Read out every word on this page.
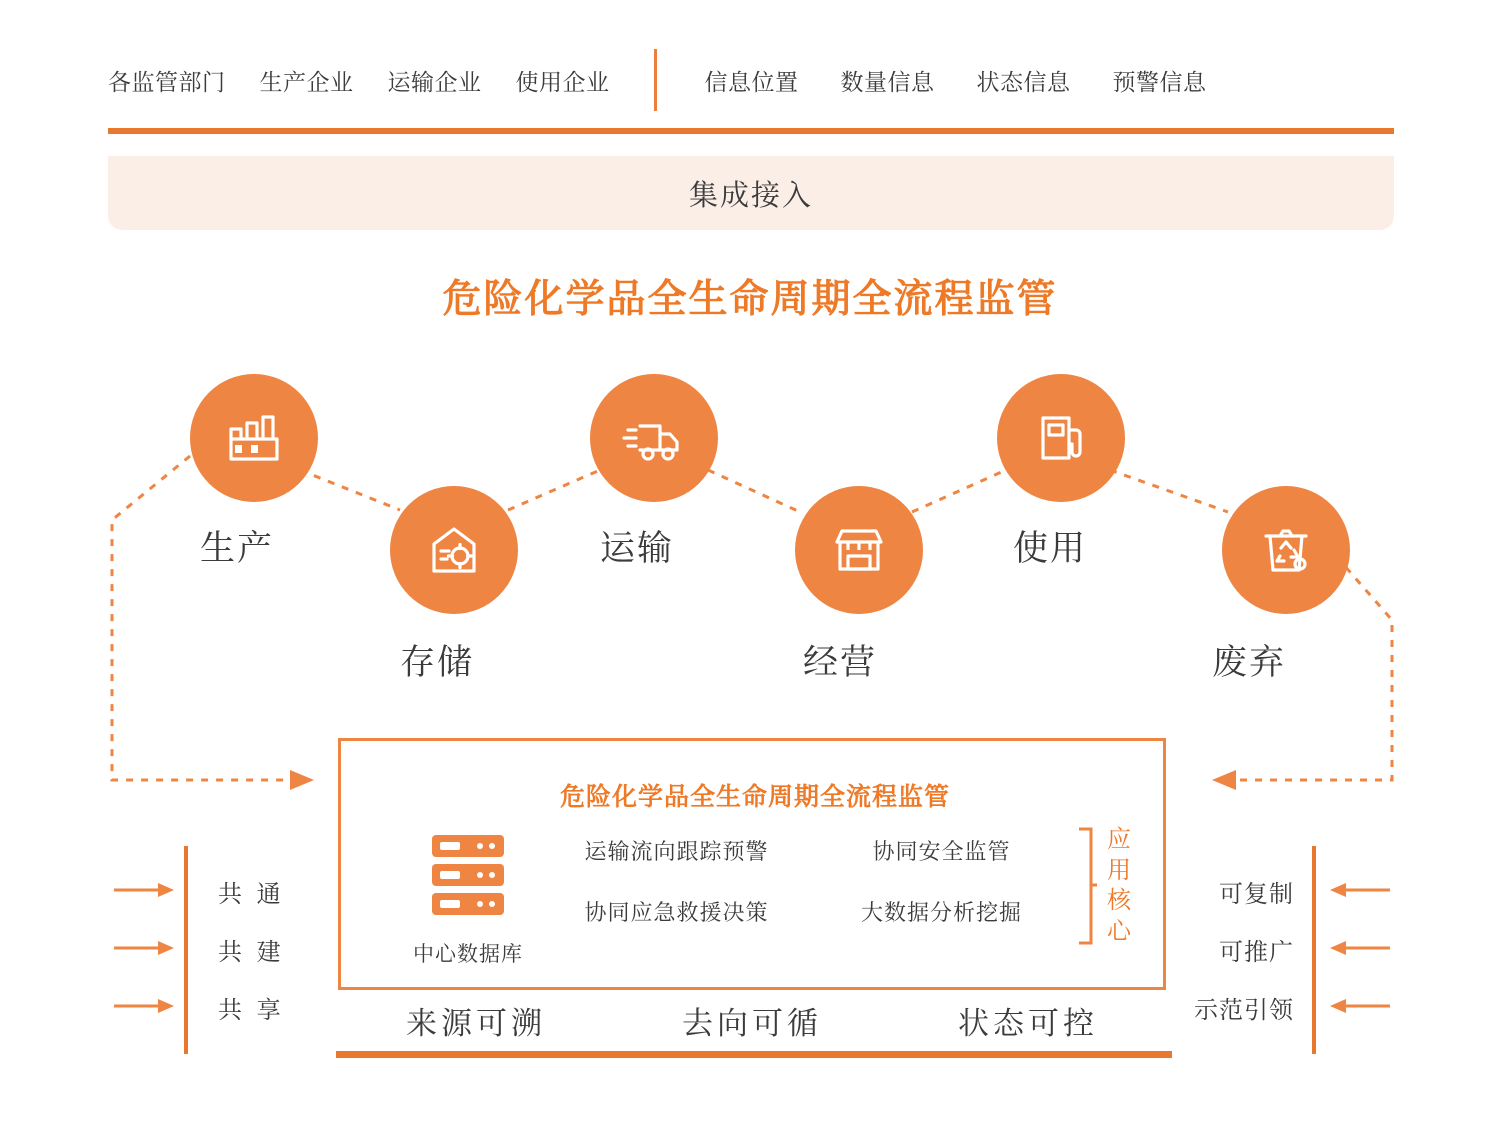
各监管部门 生产企业 运输企业 使用企业	信息位置 数量信息 状态信息 预警信息
集成接入
危险化学品全生命周期全流程监管
生产
存储
运输
经营
使用
废弃
危险化学品全生命周期全流程监管
中心数据库
运输流向跟踪预警	协同安全监管
协同应急救援决策	大数据分析挖掘
应用核心
来源可溯	去向可循	状态可控
共 通
共 建
共 享
可复制
可推广
示范引领
